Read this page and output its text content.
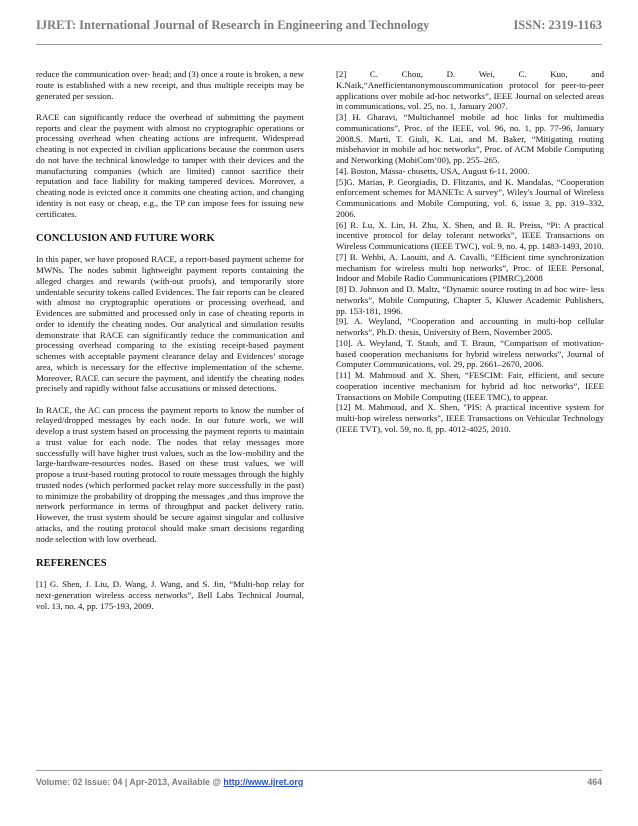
IJRET: International Journal of Research in Engineering and Technology	ISSN: 2319-1163

reduce the communication over- head; and (3) once a route is broken, a new route is established with a new receipt, and thus multiple receipts may be generated per session.

RACE can significantly reduce the overhead of submitting the payment reports and clear the payment with almost no cryptographic operations or processing overhead when cheating actions are infrequent. Widespread cheating is not expected in civilian applications because the common users do not have the technical knowledge to tamper with their devices and the manufacturing companies (which are limited) cannot sacrifice their reputation and face liability for making tampered devices. Moreover, a cheating node is evicted once it commits one cheating action, and changing identity is not easy or cheap, e.g., the TP can impose fees for issuing new certificates.

CONCLUSION AND FUTURE WORK

In this paper, we have proposed RACE, a report-based payment scheme for MWNs. The nodes submit lightweight payment reports containing the alleged charges and rewards (with-out proofs), and temporarily store undeniable security tokens called Evidences. The fair reports can be cleared with almost no cryptographic operations or processing overhead, and Evidences are submitted and processed only in case of cheating reports in order to identify the cheating nodes. Our analytical and simulation results demonstrate that RACE can significantly reduce the communication and processing overhead comparing to the existing receipt-based payment schemes with acceptable payment clearance delay and Evidences’ storage area, which is necessary for the effective implementation of the scheme. Moreover, RACE can secure the payment, and identify the cheating nodes precisely and rapidly without false accusations or missed detections.

In RACE, the AC can process the payment reports to know the number of relayed/dropped messages by each node. In our future work, we will develop a trust system based on processing the payment reports to maintain a trust value for each node. The nodes that relay messages more successfully will have higher trust values, such as the low-mobility and the large-hardware-resources nodes. Based on these trust values, we will propose a trust-based routing protocol to route messages through the highly trusted nodes (which performed packet relay more successfully in the past) to minimize the probability of dropping the messages ,and thus improve the network performance in terms of throughput and packet delivery ratio. However, the trust system should be secure against singular and collusive attacks, and the routing protocol should make smart decisions regarding node selection with low overhead.

REFERENCES

[1] G. Shen, J. Liu, D. Wang, J. Wang, and S. Jin, “Multi-hop relay for next-generation wireless access networks”, Bell Labs Technical Journal, vol. 13, no. 4, pp. 175-193, 2009.

[2] C. Chou, D. Wei, C. Kuo, and K.Naik,“Anefficientanonymouscommunication protocol for peer-to-peer applications over mobile ad-hoc networks”, IEEE Journal on selected areas in communications, vol. 25, no. 1, January 2007.

[3] H. Gharavi, “Multichannel mobile ad hoc links for multimedia communications”, Proc. of the IEEE, vol. 96, no. 1, pp. 77-96, January 2008.S. Marti, T. Giuli, K. Lai, and M. Baker, “Mitigating routing misbehavior in mobile ad hoc networks”, Proc. of ACM Mobile Computing and Networking (MobiCom’00), pp. 255–265.

[4]. Boston, Massa- chusetts, USA, August 6-11, 2000.

[5]G. Marias, P. Georgiadis, D. Flitzanis, and K. Mandalas, “Cooperation enforcement schemes for MANETs: A survey”, Wiley's Journal of Wireless Communications and Mobile Computing, vol. 6, issue 3, pp. 319–332, 2006.

[6] R. Lu, X. Lin, H. Zhu, X. Shen, and B. R. Preiss, “Pi: A practical incentive protocol for delay tolerant networks”, IEEE Transactions on Wireless Communications (IEEE TWC), vol. 9, no. 4, pp. 1483-1493, 2010.

[7] B. Wehbi, A. Laouiti, and A. Cavalli, “Efficient time synchronization mechanism for wireless multi hop networks”, Proc. of IEEE Personal, Indoor and Mobile Radio Communications (PIMRC),2008

[8] D. Johnson and D. Maltz, “Dynamic source routing in ad hoc wire- less networks”, Mobile Computing, Chapter 5, Kluwer Academic Publishers, pp. 153-181, 1996.

[9]. A. Weyland, “Cooperation and accounting in multi-hop cellular networks”, Ph.D. thesis, University of Bern, November 2005.

[10]. A. Weyland, T. Staub, and T. Braun, “Comparison of motivation- based cooperation mechanisms for hybrid wireless networks”, Journal of Computer Communications, vol. 29, pp. 2661–2670, 2006.

[11] M. Mahmoud and X. Shen, “FESCIM: Fair, efficient, and secure cooperation incentive mechanism for hybrid ad hoc networks”, IEEE Transactions on Mobile Computing (IEEE TMC), to appear.

[12] M. Mahmoud, and X. Shen, "PIS: A practical incentive system for multi-hop wireless networks", IEEE Transactions on Vehicular Technology (IEEE TVT), vol. 59, no. 8, pp. 4012-4025, 2010.

Volume: 02 Issue: 04 | Apr-2013, Available @ http://www.ijret.org	464
